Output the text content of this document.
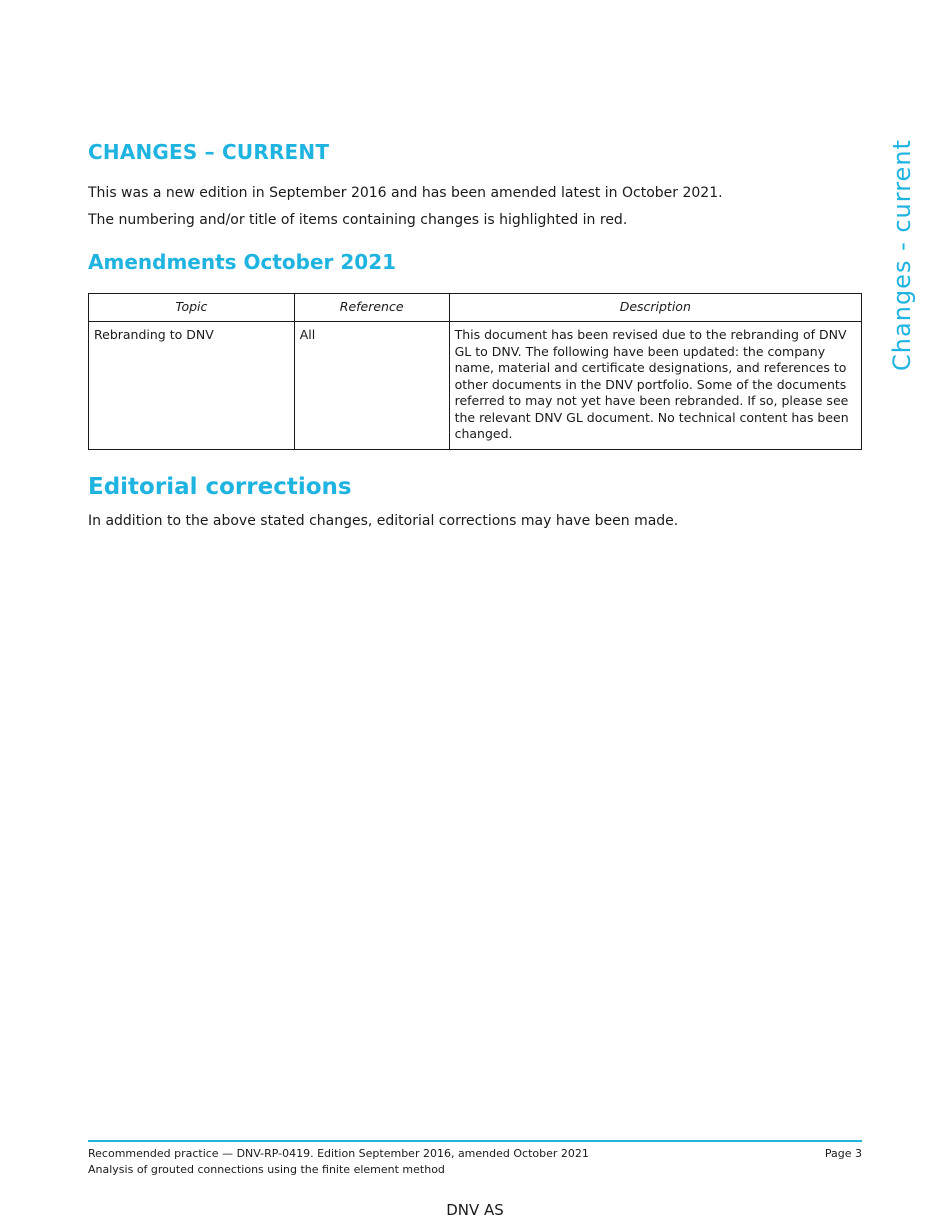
CHANGES – CURRENT

This was a new edition in September 2016 and has been amended latest in October 2021.

The numbering and/or title of items containing changes is highlighted in red.

Amendments October 2021
Topic	Reference	Description
Rebranding to DNV	All	This document has been revised due to the rebranding of DNV GL to DNV. The following have been updated: the company name, material and certificate designations, and references to other documents in the DNV portfolio. Some of the documents referred to may not yet have been rebranded. If so, please see the relevant DNV GL document. No technical content has been changed.
Editorial corrections

In addition to the above stated changes, editorial corrections may have been made.

Changes - current
Recommended practice — DNV-RP-0419. Edition September 2016, amended October 2021
Analysis of grouted connections using the finite element method
Page 3
DNV AS
